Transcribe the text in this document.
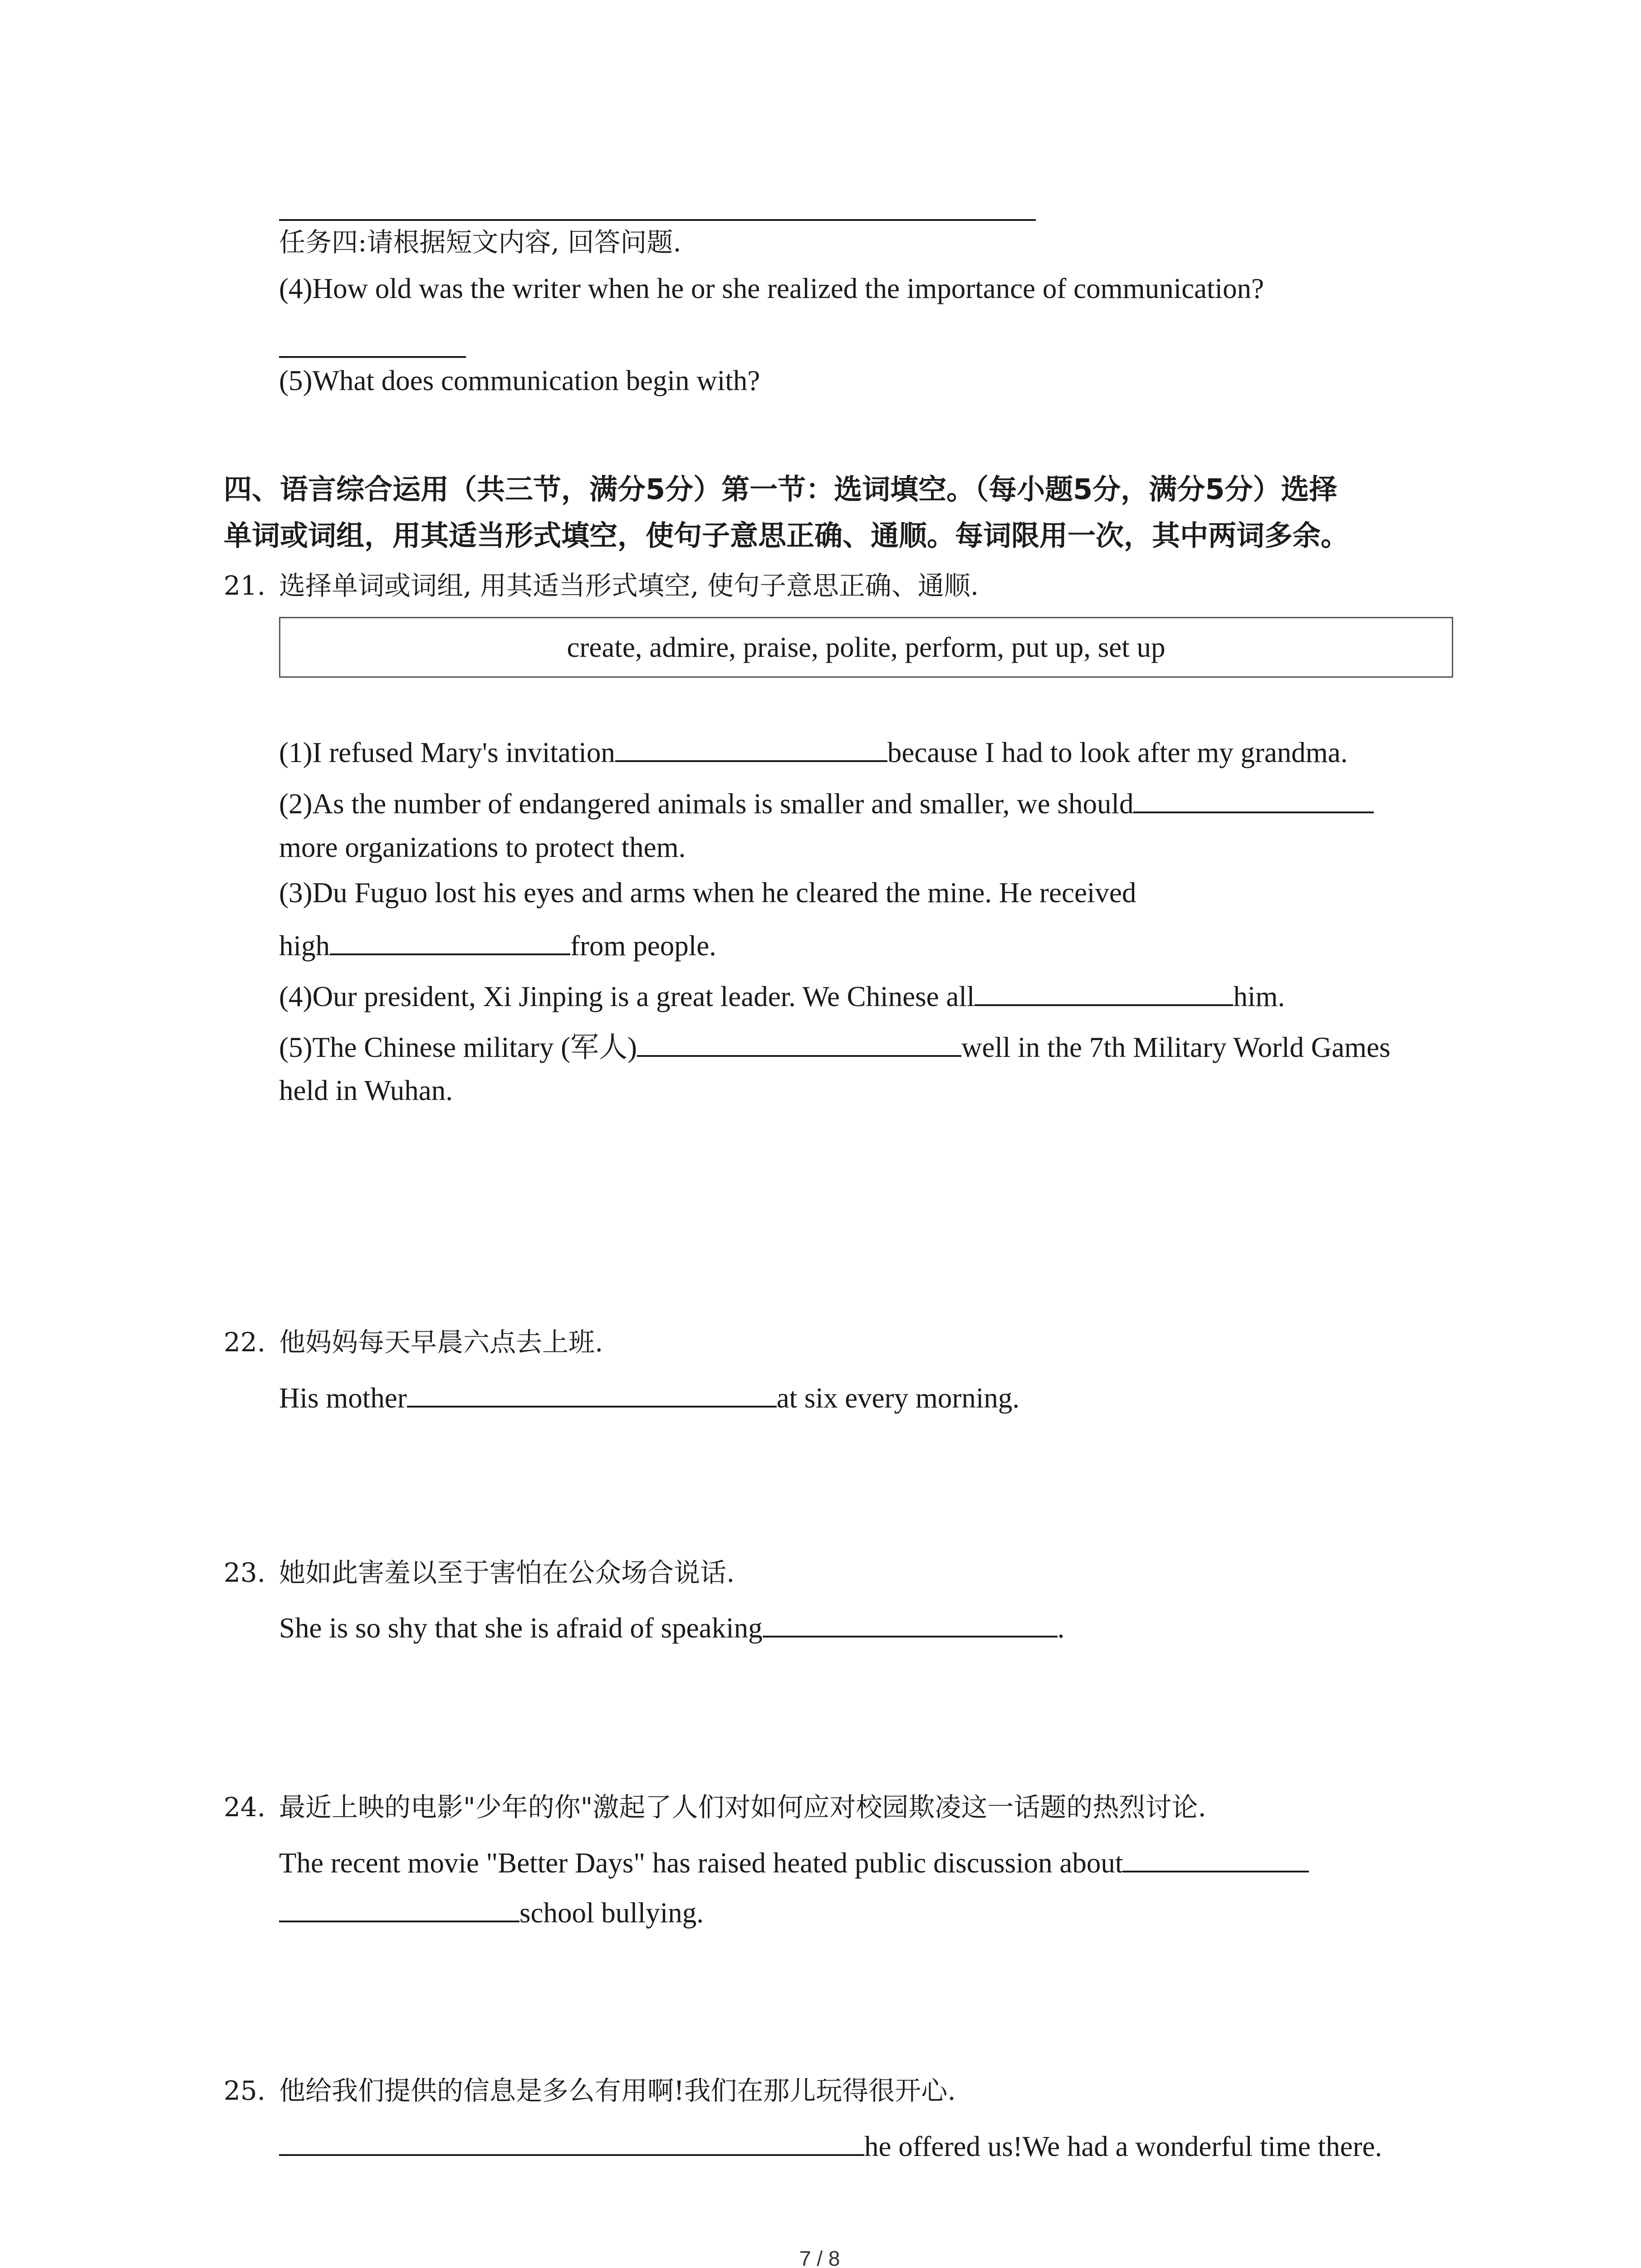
任务四:请根据短文内容, 回答问题.
(4)How old was the writer when he or she realized the importance of communication?
(5)What does communication begin with?
四、语言综合运用（共三节，满分5分）第一节：选词填空。（每小题5分，满分5分）选择
单词或词组，用其适当形式填空，使句子意思正确、通顺。每词限用一次，其中两词多余。
21. 选择单词或词组, 用其适当形式填空, 使句子意思正确、通顺.
create, admire, praise, polite, perform, put up, set up
(1)I refused Mary's invitation	because I had to look after my grandma.
(2)As the number of endangered animals is smaller and smaller, we should
more organizations to protect them.
(3)Du Fuguo lost his eyes and arms when he cleared the mine. He received
high	from people.
(4)Our president, Xi Jinping is a great leader. We Chinese all	him.
(5)The Chinese military (军人)	well in the 7th Military World Games
held in Wuhan.
22. 他妈妈每天早晨六点去上班.
His mother	at six every morning.
23. 她如此害羞以至于害怕在公众场合说话.
She is so shy that she is afraid of speaking	.
24. 最近上映的电影"少年的你"激起了人们对如何应对校园欺凌这一话题的热烈讨论.
The recent movie "Better Days" has raised heated public discussion about
school bullying.
25. 他给我们提供的信息是多么有用啊!我们在那儿玩得很开心.
he offered us!We had a wonderful time there.
7 / 8
